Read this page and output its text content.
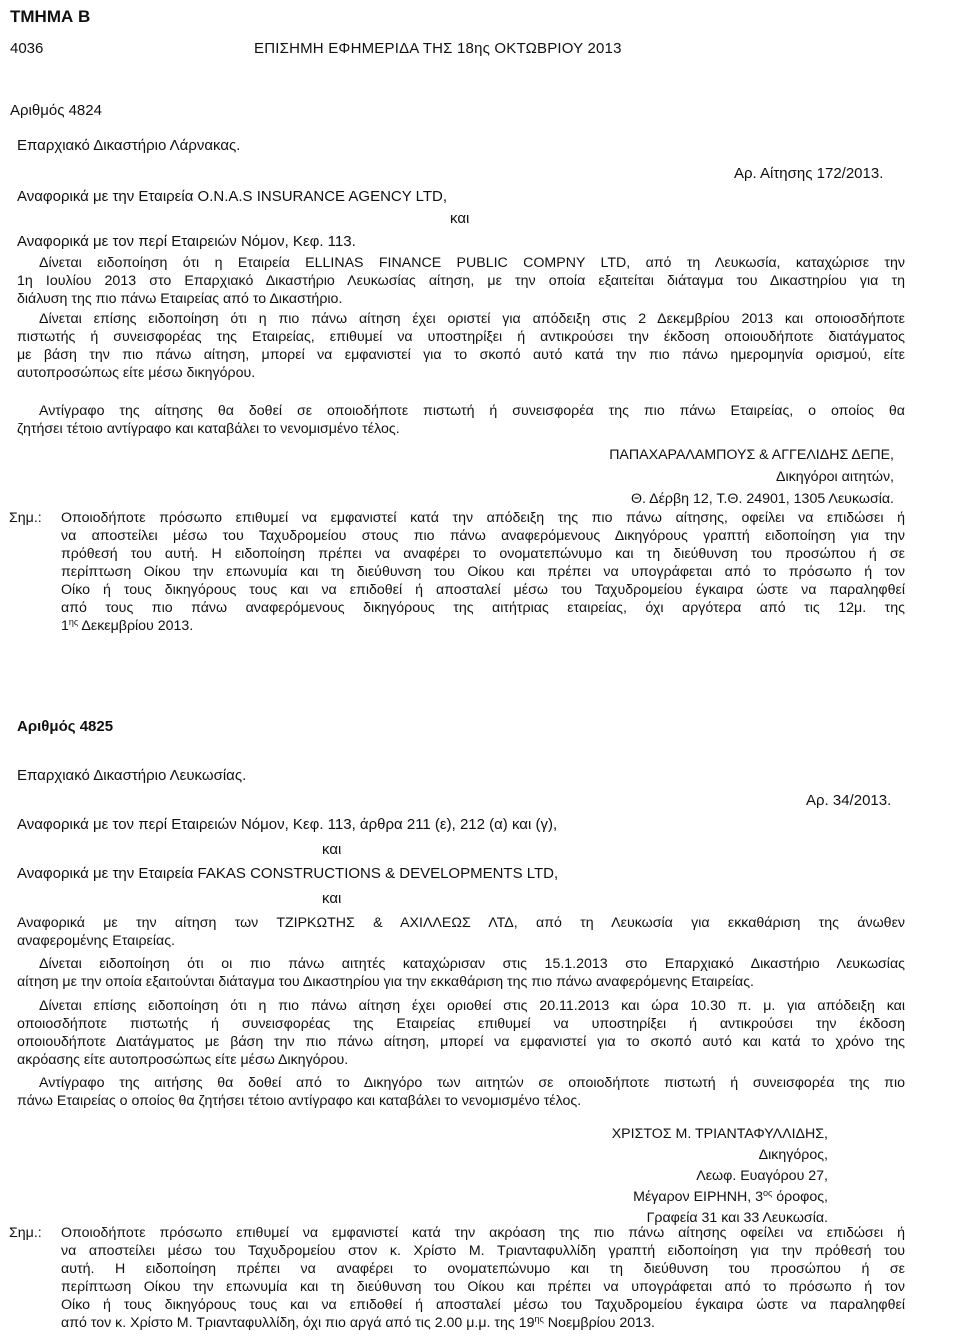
ΤΜΗΜΑ Β
4036	ΕΠΙΣΗΜΗ ΕΦΗΜΕΡΙΔΑ ΤΗΣ 18ης ΟΚΤΩΒΡΙΟΥ 2013
Αριθμός 4824
Επαρχιακό Δικαστήριο Λάρνακας.
Αναφορικά με την Εταιρεία O.N.A.S INSURANCE AGENCY LTD,
Αρ. Αίτησης 172/2013.
και
Αναφορικά με τον περί Εταιρειών Νόμον, Κεφ. 113.
Δίνεται ειδοποίηση ότι η Εταιρεία ELLINAS FINANCE PUBLIC COMPNY LTD, από τη Λευκωσία, καταχώρισε την
1η Ιουλίου 2013 στο Επαρχιακό Δικαστήριο Λευκωσίας αίτηση, με την οποία εξαιτείται διάταγμα του Δικαστηρίου για τη
διάλυση της πιο πάνω Εταιρείας από το Δικαστήριο.
Δίνεται επίσης ειδοποίηση ότι η πιο πάνω αίτηση έχει οριστεί για απόδειξη στις 2 Δεκεμβρίου 2013 και οποιοσδήποτε
πιστωτής ή συνεισφορέας της Εταιρείας, επιθυμεί να υποστηρίξει ή αντικρούσει την έκδοση οποιουδήποτε διατάγματος
με βάση την πιο πάνω αίτηση, μπορεί να εμφανιστεί για το σκοπό αυτό κατά την πιο πάνω ημερομηνία ορισμού, είτε
αυτοπροσώπως είτε μέσω δικηγόρου.
Αντίγραφο της αίτησης θα δοθεί σε οποιοδήποτε πιστωτή ή συνεισφορέα της πιο πάνω Εταιρείας, ο οποίος θα
ζητήσει τέτοιο αντίγραφο και καταβάλει το νενομισμένο τέλος.
ΠΑΠΑΧΑΡΑΛΑΜΠΟΥΣ & ΑΓΓΕΛΙΔΗΣ ΔΕΠΕ,
Δικηγόροι αιτητών,
Θ. Δέρβη 12, Τ.Θ. 24901, 1305 Λευκωσία.
Σημ.: Οποιοδήποτε πρόσωπο επιθυμεί να εμφανιστεί κατά την απόδειξη της πιο πάνω αίτησης, οφείλει να επιδώσει ή
να αποστείλει μέσω του Ταχυδρομείου στους πιο πάνω αναφερόμενους Δικηγόρους γραπτή ειδοποίηση για την
πρόθεσή του αυτή. Η ειδοποίηση πρέπει να αναφέρει το ονοματεπώνυμο και τη διεύθυνση του προσώπου ή σε
περίπτωση Οίκου την επωνυμία και τη διεύθυνση του Οίκου και πρέπει να υπογράφεται από το πρόσωπο ή τον
Οίκο ή τους δικηγόρους τους και να επιδοθεί ή αποσταλεί μέσω του Ταχυδρομείου έγκαιρα ώστε να παραληφθεί
από τους πιο πάνω αναφερόμενους δικηγόρους της αιτήτριας εταιρείας, όχι αργότερα από τις 12μ. της
$1^{\eta\varsigma}$ Δεκεμβρίου 2013.
Αριθμός 4825
Επαρχιακό Δικαστήριο Λευκωσίας.
Αρ. 34/2013.
Αναφορικά με τον περί Εταιρειών Νόμον, Κεφ. 113, άρθρα 211 (ε), 212 (α) και (γ),
και
Αναφορικά με την Εταιρεία FAKAS CONSTRUCTIONS & DEVELOPMENTS LTD,
και
Αναφορικά με την αίτηση των ΤΖΙΡΚΩΤΗΣ & ΑΧΙΛΛΕΩΣ ΛΤΔ, από τη Λευκωσία για εκκαθάριση της άνωθεν
αναφερομένης Εταιρείας.
Δίνεται ειδοποίηση ότι οι πιο πάνω αιτητές καταχώρισαν στις 15.1.2013 στο Επαρχιακό Δικαστήριο Λευκωσίας
αίτηση με την οποία εξαιτούνται διάταγμα του Δικαστηρίου για την εκκαθάριση της πιο πάνω αναφερόμενης Εταιρείας.
Δίνεται επίσης ειδοποίηση ότι η πιο πάνω αίτηση έχει οριοθεί στις 20.11.2013 και ώρα 10.30 π. μ. για απόδειξη και
οποιοσδήποτε πιστωτής ή συνεισφορέας της Εταιρείας επιθυμεί να υποστηρίξει ή αντικρούσει την έκδοση
οποιουδήποτε Διατάγματος με βάση την πιο πάνω αίτηση, μπορεί να εμφανιστεί για το σκοπό αυτό και κατά το χρόνο της
ακρόασης είτε αυτοπροσώπως είτε μέσω Δικηγόρου.
Αντίγραφο της αιτήσης θα δοθεί από το Δικηγόρο των αιτητών σε οποιοδήποτε πιστωτή ή συνεισφορέα της πιο
πάνω Εταιρείας ο οποίος θα ζητήσει τέτοιο αντίγραφο και καταβάλει το νενομισμένο τέλος.
ΧΡΙΣΤΟΣ Μ. ΤΡΙΑΝΤΑΦΥΛΛΙΔΗΣ,
Δικηγόρος,
Λεωφ. Ευαγόρου 27,
Μέγαρον ΕΙΡΗΝΗ, $3^{o\varsigma}$ όροφος,
Γραφεία 31 και 33 Λευκωσία.
Σημ.: Οποιοδήποτε πρόσωπο επιθυμεί να εμφανιστεί κατά την ακρόαση της πιο πάνω αίτησης οφείλει να επιδώσει ή
να αποστείλει μέσω του Ταχυδρομείου στον κ. Χρίστο Μ. Τριανταφυλλίδη γραπτή ειδοποίηση για την πρόθεσή του
αυτή. Η ειδοποίηση πρέπει να αναφέρει το ονοματεπώνυμο και τη διεύθυνση του προσώπου ή σε
περίπτωση Οίκου την επωνυμία και τη διεύθυνση του Οίκου και πρέπει να υπογράφεται από το πρόσωπο ή τον
Οίκο ή τους δικηγόρους τους και να επιδοθεί ή αποσταλεί μέσω του Ταχυδρομείου έγκαιρα ώστε να παραληφθεί
από τον κ. Χρίστο Μ. Τριανταφυλλίδη, όχι πιο αργά από τις 2.00 μ.μ. της $19^{\eta\varsigma}$ Νοεμβρίου 2013.
